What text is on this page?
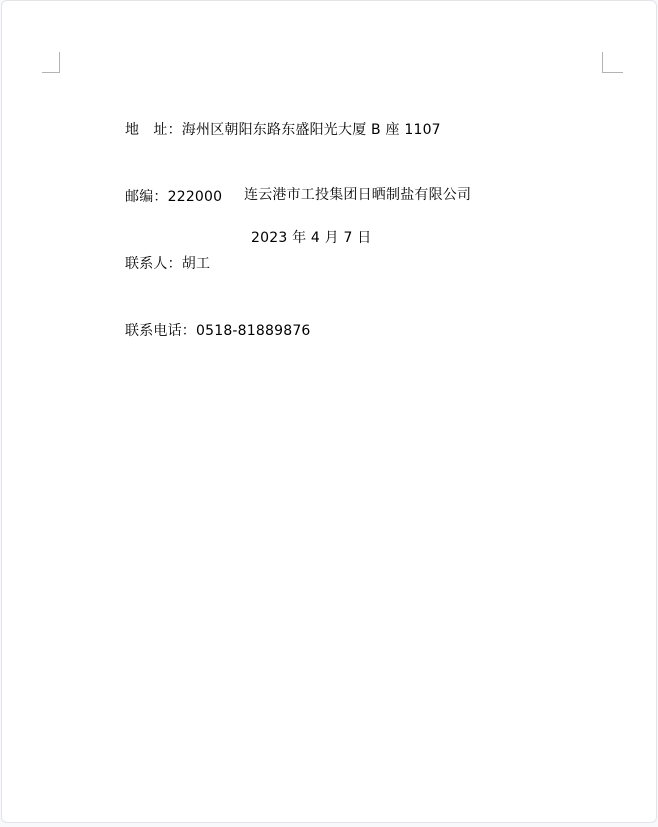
地　址：海州区朝阳东路东盛阳光大厦 B 座 1107

邮编：222000

联系人：胡工

联系电话：0518-81889876

连云港市工投集团日晒制盐有限公司
2023 年 4 月 7 日
